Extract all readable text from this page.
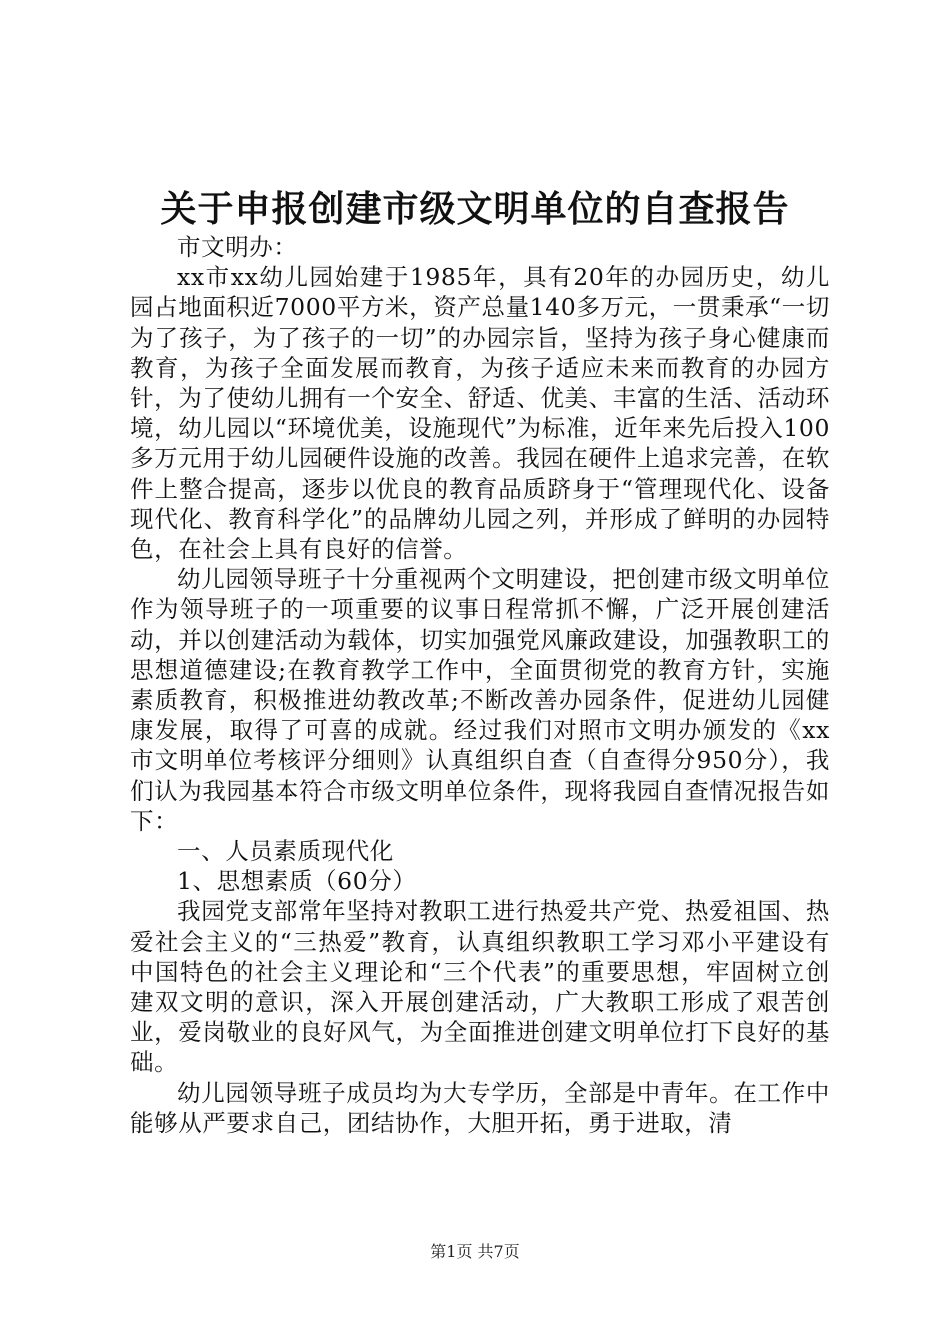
关于申报创建市级文明单位的自查报告

市文明办：

xx市xx幼儿园始建于1985年，具有20年的办园历史，幼儿园占地面积近7000平方米，资产总量140多万元，一贯秉承“一切为了孩子，为了孩子的一切”的办园宗旨，坚持为孩子身心健康而教育，为孩子全面发展而教育，为孩子适应未来而教育的办园方针，为了使幼儿拥有一个安全、舒适、优美、丰富的生活、活动环境，幼儿园以“环境优美，设施现代”为标准，近年来先后投入100多万元用于幼儿园硬件设施的改善。我园在硬件上追求完善，在软件上整合提高，逐步以优良的教育品质跻身于“管理现代化、设备现代化、教育科学化”的品牌幼儿园之列，并形成了鲜明的办园特色，在社会上具有良好的信誉。

幼儿园领导班子十分重视两个文明建设，把创建市级文明单位作为领导班子的一项重要的议事日程常抓不懈，广泛开展创建活动，并以创建活动为载体，切实加强党风廉政建设，加强教职工的思想道德建设;在教育教学工作中，全面贯彻党的教育方针，实施素质教育，积极推进幼教改革;不断改善办园条件，促进幼儿园健康发展，取得了可喜的成就。经过我们对照市文明办颁发的《xx市文明单位考核评分细则》认真组织自查（自查得分950分），我们认为我园基本符合市级文明单位条件，现将我园自查情况报告如下：

一、人员素质现代化

1、思想素质（60分）

我园党支部常年坚持对教职工进行热爱共产党、热爱祖国、热爱社会主义的“三热爱”教育，认真组织教职工学习邓小平建设有中国特色的社会主义理论和“三个代表”的重要思想，牢固树立创建双文明的意识，深入开展创建活动，广大教职工形成了艰苦创业，爱岗敬业的良好风气，为全面推进创建文明单位打下良好的基础。

幼儿园领导班子成员均为大专学历，全部是中青年。在工作中能够从严要求自己，团结协作，大胆开拓，勇于进取，清

第1页 共7页
